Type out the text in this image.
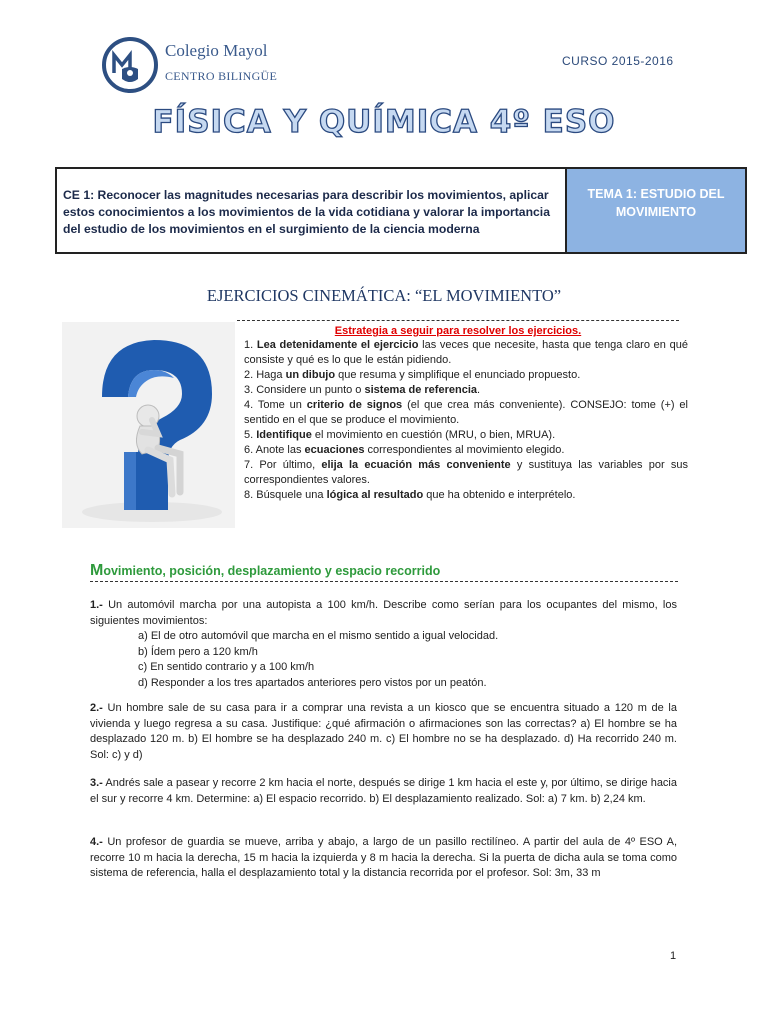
Colegio Mayol
CENTRO BILINGÜE
CURSO 2015-2016
FÍSICA Y QUÍMICA 4º ESO
CE 1: Reconocer las magnitudes necesarias para describir los movimientos, aplicar estos conocimientos a los movimientos de la vida cotidiana y valorar la importancia del estudio de los movimientos en el surgimiento de la ciencia moderna
TEMA 1: ESTUDIO DEL MOVIMIENTO
EJERCICIOS CINEMÁTICA: “EL MOVIMIENTO”
Estrategia a seguir para resolver los ejercicios.
1. Lea detenidamente el ejercicio las veces que necesite, hasta que tenga claro en qué consiste y qué es lo que le están pidiendo.
2. Haga un dibujo que resuma y simplifique el enunciado propuesto.
3. Considere un punto o sistema de referencia.
4. Tome un criterio de signos (el que crea más conveniente). CONSEJO: tome (+) el sentido en el que se produce el movimiento.
5. Identifique el movimiento en cuestión (MRU, o bien, MRUA).
6. Anote las ecuaciones correspondientes al movimiento elegido.
7. Por último, elija la ecuación más conveniente y sustituya las variables por sus correspondientes valores.
8. Búsquele una lógica al resultado que ha obtenido e interprételo.
Movimiento, posición, desplazamiento y espacio recorrido
1.- Un automóvil marcha por una autopista a 100 km/h. Describe como serían para los ocupantes del mismo, los siguientes movimientos:
a) El de otro automóvil que marcha en el mismo sentido a igual velocidad.
b) Ídem pero a 120 km/h
c) En sentido contrario y a 100 km/h
d) Responder a los tres apartados anteriores pero vistos por un peatón.
2.- Un hombre sale de su casa para ir a comprar una revista a un kiosco que se encuentra situado a 120 m de la vivienda y luego regresa a su casa. Justifique: ¿qué afirmación o afirmaciones son las correctas? a) El hombre se ha desplazado 120 m. b) El hombre se ha desplazado 240 m. c) El hombre no se ha desplazado. d) Ha recorrido 240 m. Sol: c) y d)
3.- Andrés sale a pasear y recorre 2 km hacia el norte, después se dirige 1 km hacia el este y, por último, se dirige hacia el sur y recorre 4 km. Determine: a) El espacio recorrido. b) El desplazamiento realizado. Sol: a) 7 km. b) 2,24 km.
4.- Un profesor de guardia se mueve, arriba y abajo, a largo de un pasillo rectilíneo. A partir del aula de 4º ESO A, recorre 10 m hacia la derecha, 15 m hacia la izquierda y 8 m hacia la derecha. Si la puerta de dicha aula se toma como sistema de referencia, halla el desplazamiento total y la distancia recorrida por el profesor. Sol: 3m, 33 m
1
